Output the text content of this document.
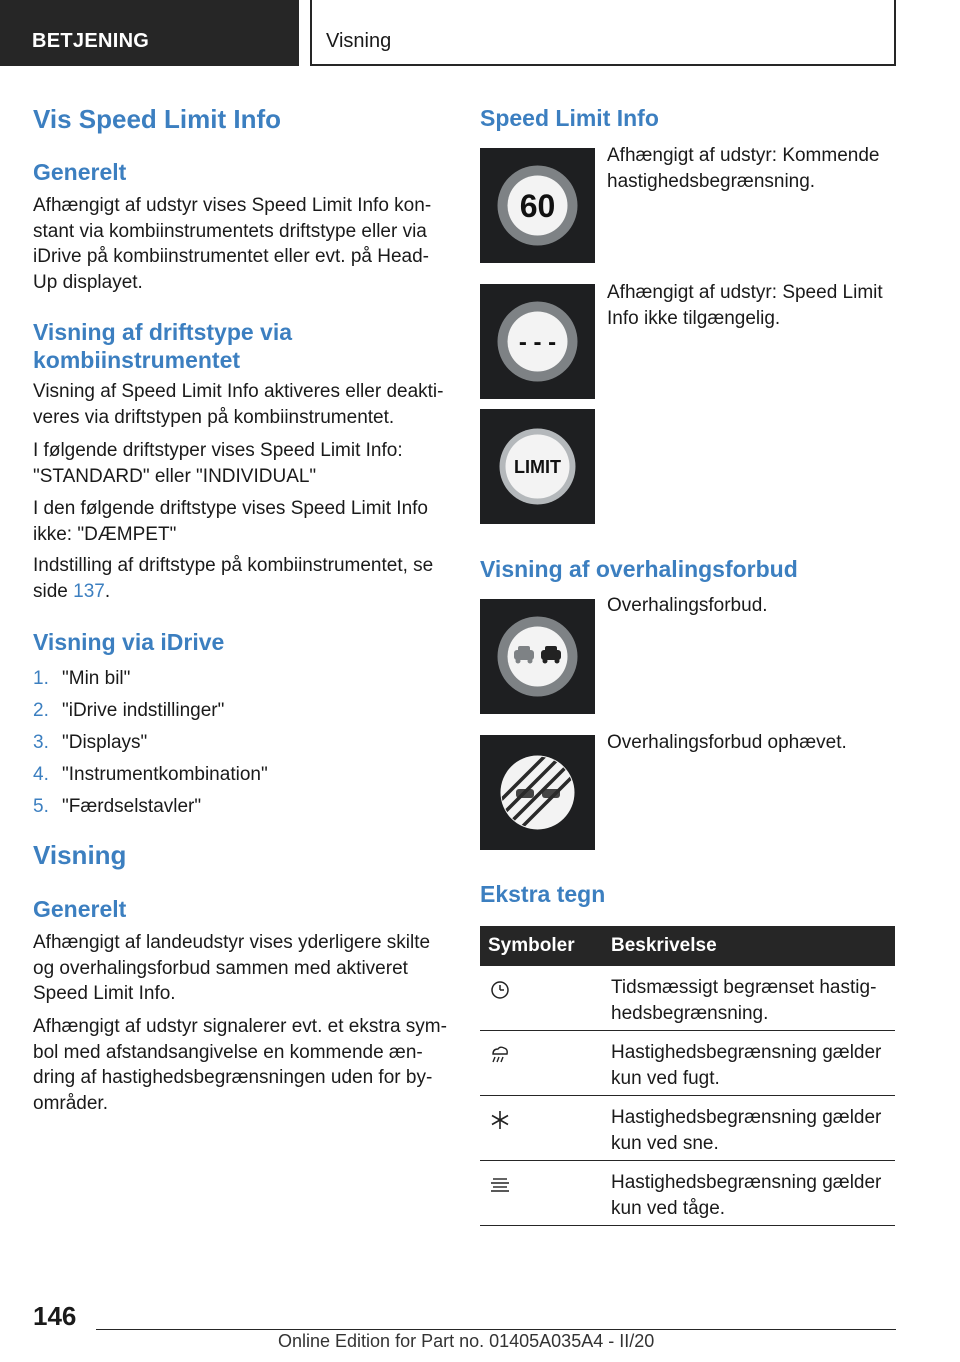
BETJENING	Visning
Vis Speed Limit Info
Generelt

Afhængigt af udstyr vises Speed Limit Info konstant via kombiinstrumentets driftstype eller via iDrive på kombiinstrumentet eller evt. på Head-Up displayet.

Visning af driftstype via kombiinstrumentet

Visning af Speed Limit Info aktiveres eller deaktiveres via driftstypen på kombiinstrumentet.

I følgende driftstyper vises Speed Limit Info: "STANDARD" eller "INDIVIDUAL"

I den følgende driftstype vises Speed Limit Info ikke: "DÆMPET"

Indstilling af driftstype på kombiinstrumentet, se side 137.

Visning via iDrive
1. "Min bil"
2. "iDrive indstillinger"
3. "Displays"
4. "Instrumentkombination"
5. "Færdselstavler"
Visning
Generelt

Afhængigt af landeudstyr vises yderligere skilte og overhalingsforbud sammen med aktiveret Speed Limit Info.

Afhængigt af udstyr signalerer evt. et ekstra symbol med afstandsangivelse en kommende ændring af hastighedsbegrænsningen uden for byområder.

Speed Limit Info
60

Afhængigt af udstyr: Kommende hastighedsbegrænsning.

- - -

Afhængigt af udstyr: Speed Limit Info ikke tilgængelig.

LIMIT
Visning af overhalingsforbud

Overhalingsforbud.

Overhalingsforbud ophævet.

Ekstra tegn
Symboler Beskrivelse
Tidsmæssigt begrænset hastighedsbegrænsning.
Hastighedsbegrænsning gælder kun ved fugt.
Hastighedsbegrænsning gælder kun ved sne.
Hastighedsbegrænsning gælder kun ved tåge.
146
Online Edition for Part no. 01405A035A4 - II/20
